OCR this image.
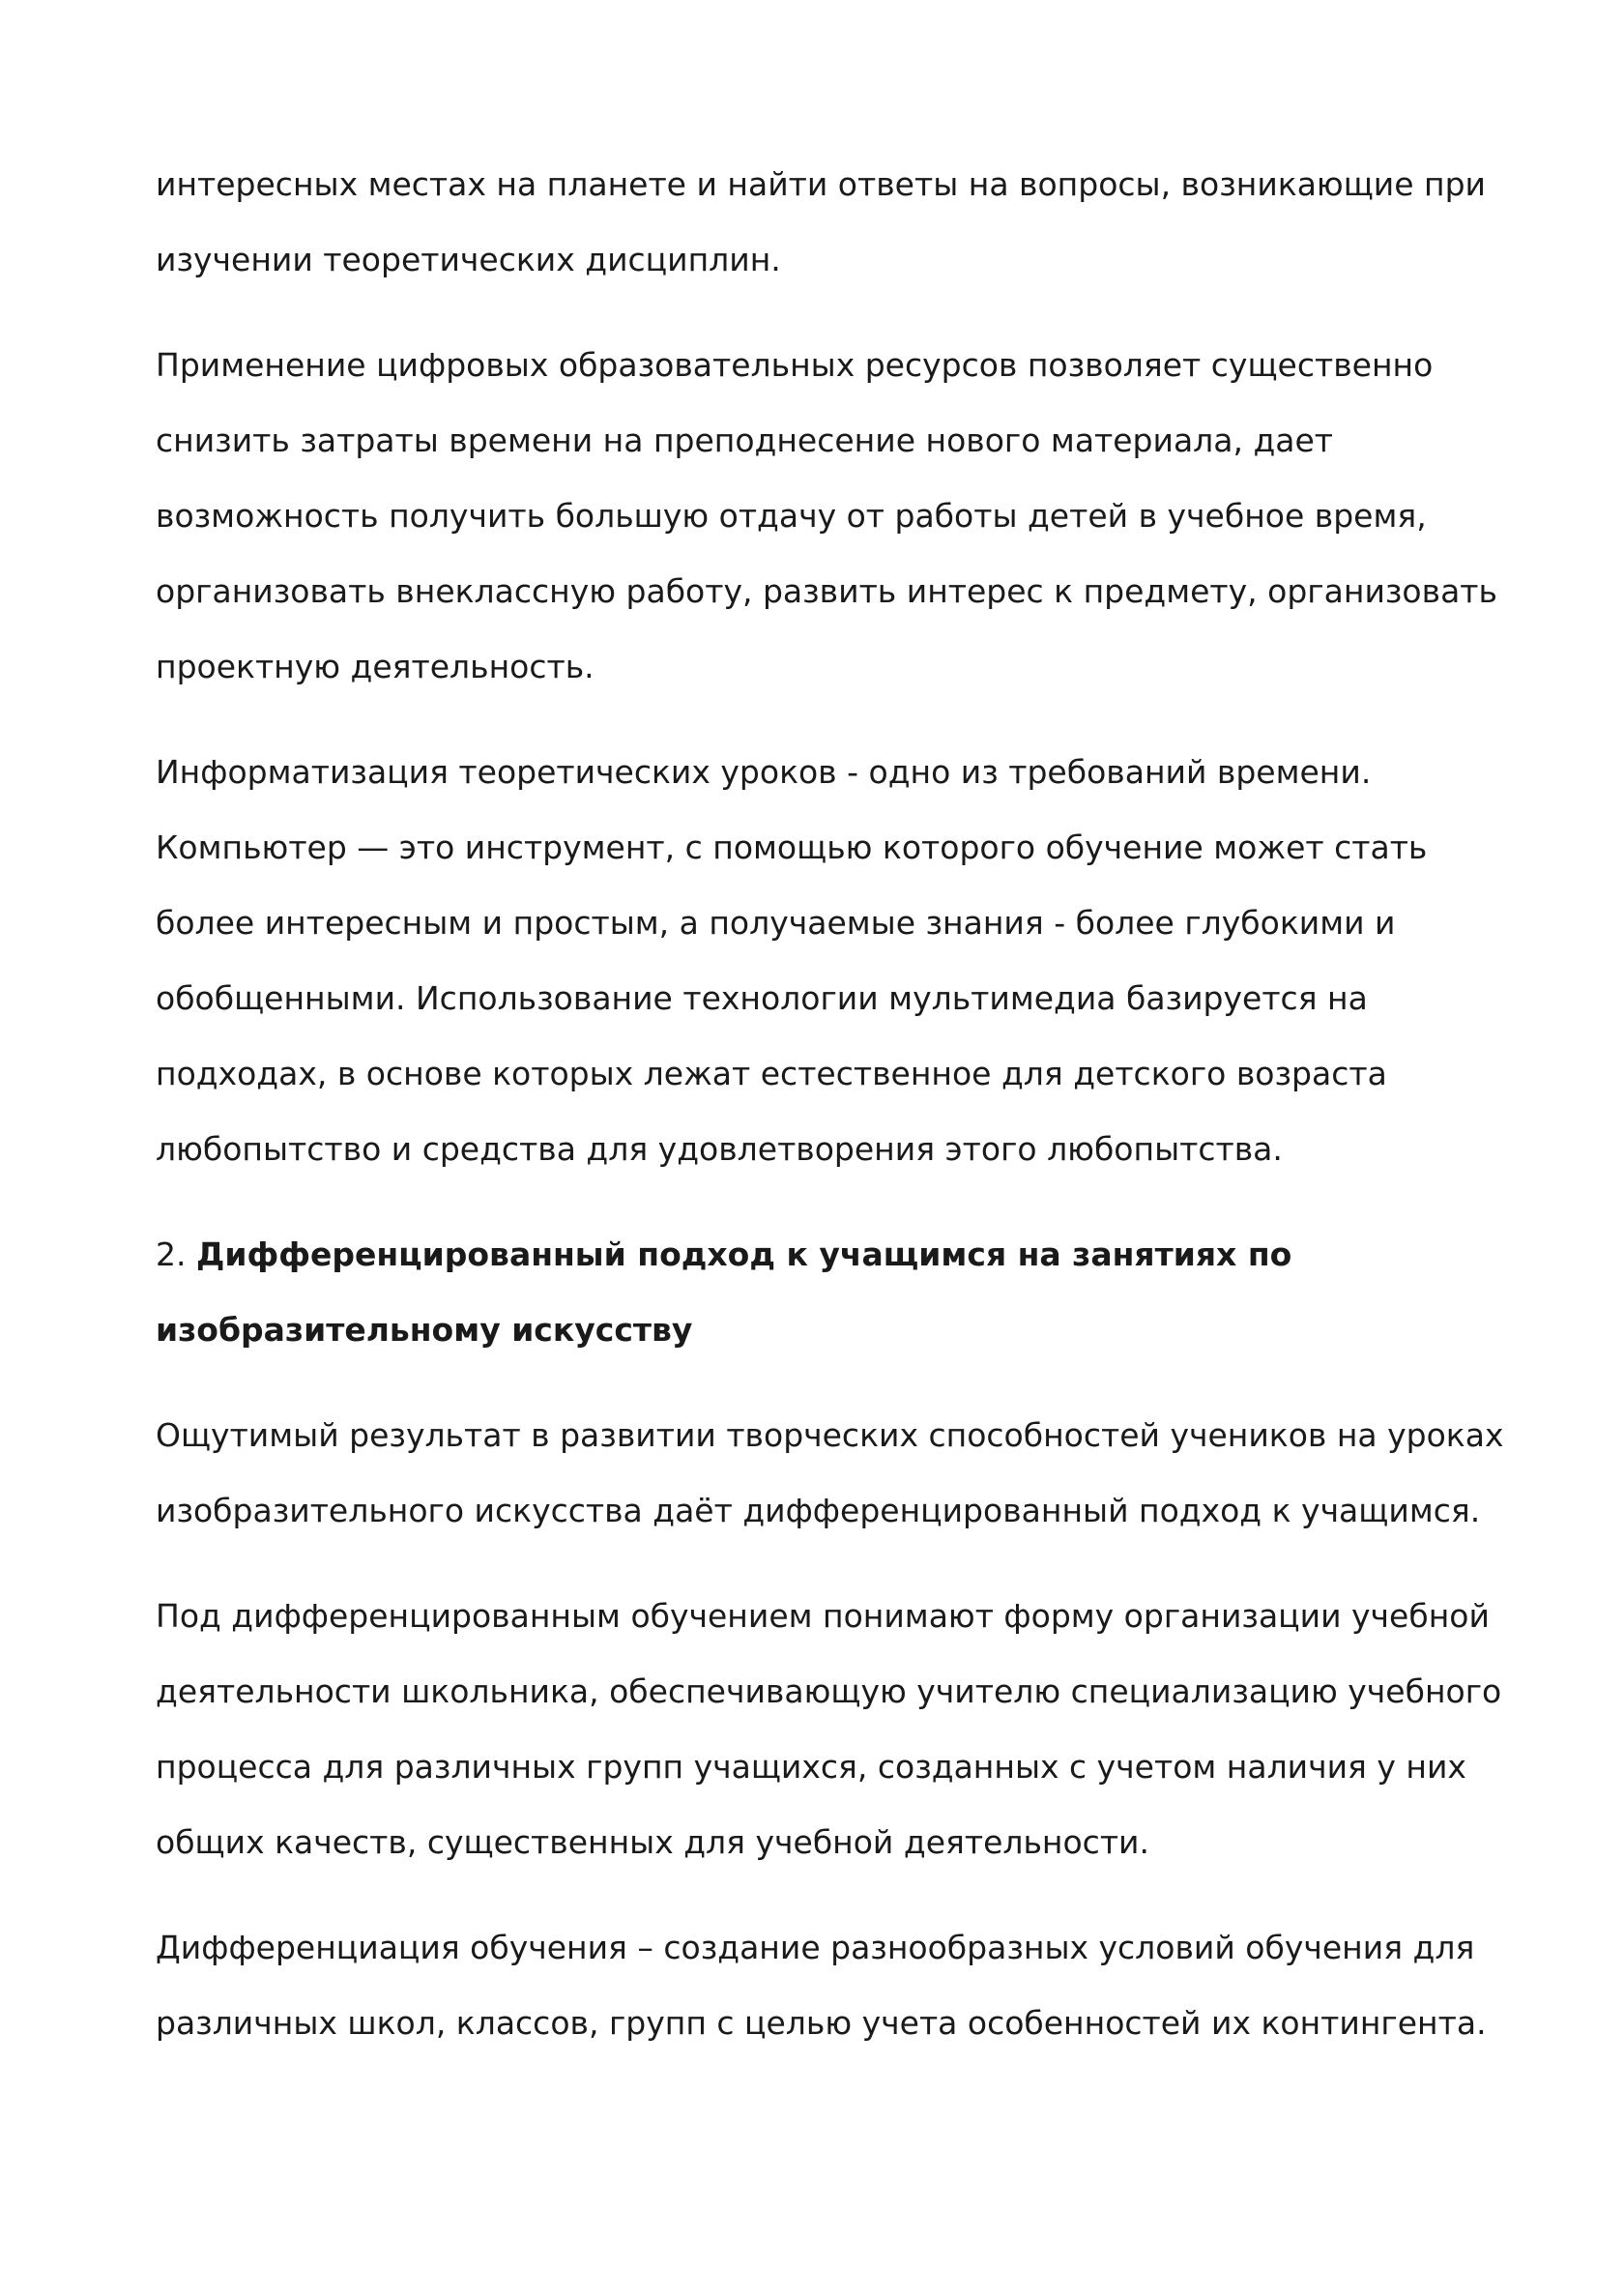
интересных местах на планете и найти ответы на вопросы, возникающие при изучении теоретических дисциплин.

Применение цифровых образовательных ресурсов позволяет существенно снизить затраты времени на преподнесение нового материала, дает возможность получить большую отдачу от работы детей в учебное время, организовать внеклассную работу, развить интерес к предмету, организовать проектную деятельность.

Информатизация теоретических уроков - одно из требований времени. Компьютер — это инструмент, с помощью которого обучение может стать более интересным и простым, а получаемые знания - более глубокими и обобщенными. Использование технологии мультимедиа базируется на подходах, в основе которых лежат естественное для детского возраста любопытство и средства для удовлетворения этого любопытства.

2. Дифференцированный подход к учащимся на занятиях по изобразительному искусству

Ощутимый результат в развитии творческих способностей учеников на уроках изобразительного искусства даёт дифференцированный подход к учащимся.

Под дифференцированным обучением понимают форму организации учебной деятельности школьника, обеспечивающую учителю специализацию учебного процесса для различных групп учащихся, созданных с учетом наличия у них общих качеств, существенных для учебной деятельности.

Дифференциация обучения – создание разнообразных условий обучения для различных школ, классов, групп с целью учета особенностей их контингента.
